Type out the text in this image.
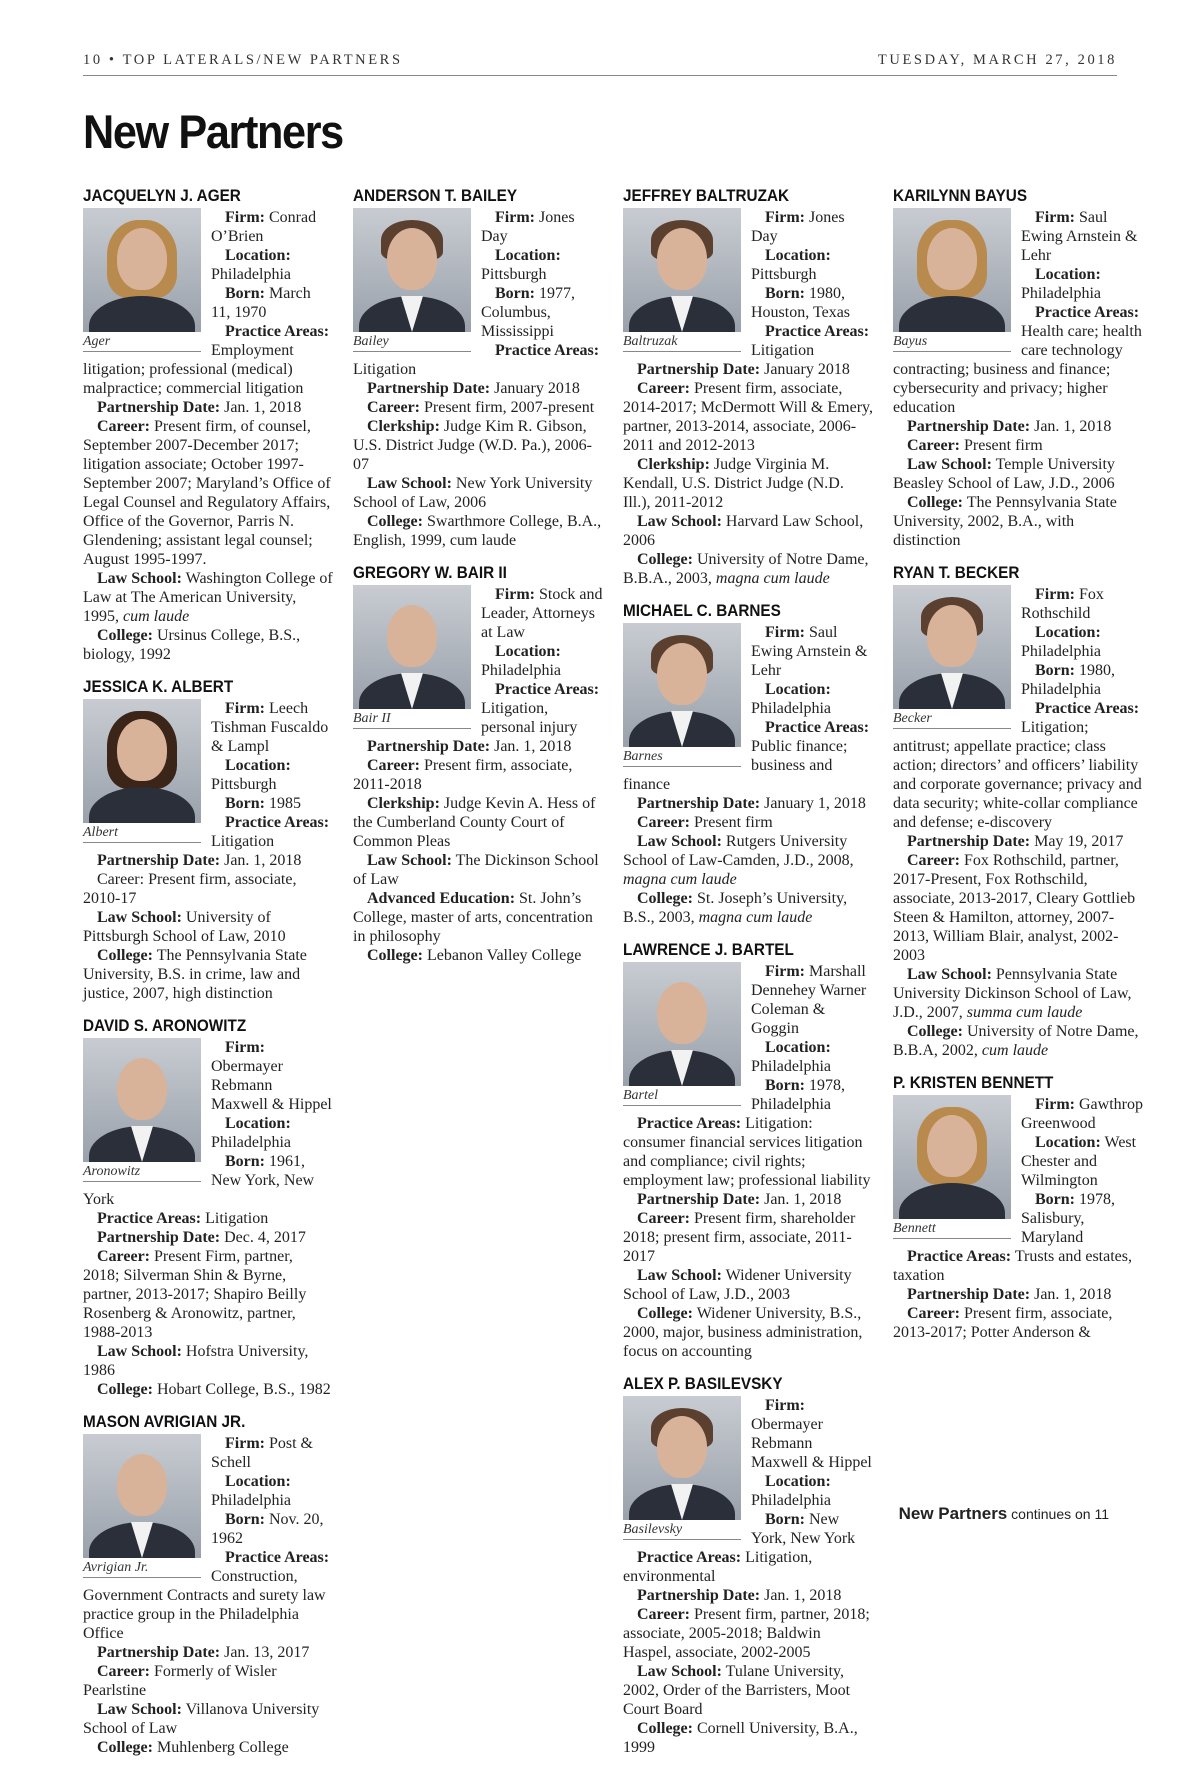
10 • TOP LATERALS/NEW PARTNERS	TUESDAY, MARCH 27, 2018
New Partners
JACQUELYN J. AGER
Ager

Firm: Conrad O’Brien

Location: Philadelphia

Born: March 11, 1970

Practice Areas: Employment litigation; professional (medical) malpractice; commercial litigation

Partnership Date: Jan. 1, 2018

Career: Present firm, of counsel, September 2007-December 2017; litigation associate; October 1997-September 2007; Maryland’s Office of Legal Counsel and Regulatory Affairs, Office of the Governor, Parris N. Glendening; assistant legal counsel; August 1995-1997.

Law School: Washington College of Law at The American University, 1995, cum laude

College: Ursinus College, B.S., biology, 1992

JESSICA K. ALBERT
Albert

Firm: Leech Tishman Fuscaldo & Lampl

Location: Pittsburgh

Born: 1985

Practice Areas: Litigation

Partnership Date: Jan. 1, 2018

Career: Present firm, associate, 2010-17

Law School: University of Pittsburgh School of Law, 2010

College: The Pennsylvania State University, B.S. in crime, law and justice, 2007, high distinction

DAVID S. ARONOWITZ
Aronowitz

Firm: Obermayer Rebmann Maxwell & Hippel

Location: Philadelphia

Born: 1961, New York, New York

Practice Areas: Litigation

Partnership Date: Dec. 4, 2017

Career: Present Firm, partner, 2018; Silverman Shin & Byrne, partner, 2013-2017; Shapiro Beilly Rosenberg & Aronowitz, partner, 1988-2013

Law School: Hofstra University, 1986

College: Hobart College, B.S., 1982

MASON AVRIGIAN JR.
Avrigian Jr.

Firm: Post & Schell

Location: Philadelphia

Born: Nov. 20, 1962

Practice Areas: Construction, Government Contracts and surety law practice group in the Philadelphia Office

Partnership Date: Jan. 13, 2017

Career: Formerly of Wisler Pearlstine

Law School: Villanova University School of Law

College: Muhlenberg College

ANDERSON T. BAILEY
Bailey

Firm: Jones Day

Location: Pittsburgh

Born: 1977, Columbus, Mississippi

Practice Areas: Litigation

Partnership Date: January 2018

Career: Present firm, 2007-present

Clerkship: Judge Kim R. Gibson, U.S. District Judge (W.D. Pa.), 2006-07

Law School: New York University School of Law, 2006

College: Swarthmore College, B.A., English, 1999, cum laude

GREGORY W. BAIR II
Bair II

Firm: Stock and Leader, Attorneys at Law

Location: Philadelphia

Practice Areas: Litigation, personal injury

Partnership Date: Jan. 1, 2018

Career: Present firm, associate, 2011-2018

Clerkship: Judge Kevin A. Hess of the Cumberland County Court of Common Pleas

Law School: The Dickinson School of Law

Advanced Education: St. John’s College, master of arts, concentration in philosophy

College: Lebanon Valley College

JEFFREY BALTRUZAK
Baltruzak

Firm: Jones Day

Location: Pittsburgh

Born: 1980, Houston, Texas

Practice Areas: Litigation

Partnership Date: January 2018

Career: Present firm, associate, 2014-2017; McDermott Will & Emery, partner, 2013-2014, associate, 2006-2011 and 2012-2013

Clerkship: Judge Virginia M. Kendall, U.S. District Judge (N.D. Ill.), 2011-2012

Law School: Harvard Law School, 2006

College: University of Notre Dame, B.B.A., 2003, magna cum laude

MICHAEL C. BARNES
Barnes

Firm: Saul Ewing Arnstein & Lehr

Location: Philadelphia

Practice Areas: Public finance; business and finance

Partnership Date: January 1, 2018

Career: Present firm

Law School: Rutgers University School of Law-Camden, J.D., 2008, magna cum laude

College: St. Joseph’s University, B.S., 2003, magna cum laude

LAWRENCE J. BARTEL
Bartel

Firm: Marshall Dennehey Warner Coleman & Goggin

Location: Philadelphia

Born: 1978, Philadelphia

Practice Areas: Litigation: consumer financial services litigation and compliance; civil rights; employment law; professional liability

Partnership Date: Jan. 1, 2018

Career: Present firm, shareholder 2018; present firm, associate, 2011-2017

Law School: Widener University School of Law, J.D., 2003

College: Widener University, B.S., 2000, major, business administration, focus on accounting

ALEX P. BASILEVSKY
Basilevsky

Firm: Obermayer Rebmann Maxwell & Hippel

Location: Philadelphia

Born: New York, New York

Practice Areas: Litigation, environmental

Partnership Date: Jan. 1, 2018

Career: Present firm, partner, 2018; associate, 2005-2018; Baldwin Haspel, associate, 2002-2005

Law School: Tulane University, 2002, Order of the Barristers, Moot Court Board

College: Cornell University, B.A., 1999

KARILYNN BAYUS
Bayus

Firm: Saul Ewing Arnstein & Lehr

Location: Philadelphia

Practice Areas: Health care; health care technology contracting; business and finance; cybersecurity and privacy; higher education

Partnership Date: Jan. 1, 2018

Career: Present firm

Law School: Temple University Beasley School of Law, J.D., 2006

College: The Pennsylvania State University, 2002, B.A., with distinction

RYAN T. BECKER
Becker

Firm: Fox Rothschild

Location: Philadelphia

Born: 1980, Philadelphia

Practice Areas: Litigation; antitrust; appellate practice; class action; directors’ and officers’ liability and corporate governance; privacy and data security; white-collar compliance and defense; e-discovery

Partnership Date: May 19, 2017

Career: Fox Rothschild, partner, 2017-Present, Fox Rothschild, associate, 2013-2017, Cleary Gottlieb Steen & Hamilton, attorney, 2007-2013, William Blair, analyst, 2002-2003

Law School: Pennsylvania State University Dickinson School of Law, J.D., 2007, summa cum laude

College: University of Notre Dame, B.B.A, 2002, cum laude

P. KRISTEN BENNETT
Bennett

Firm: Gawthrop Greenwood

Location: West Chester and Wilmington

Born: 1978, Salisbury, Maryland

Practice Areas: Trusts and estates, taxation

Partnership Date: Jan. 1, 2018

Career: Present firm, associate, 2013-2017; Potter Anderson &

New Partners continues on 11
